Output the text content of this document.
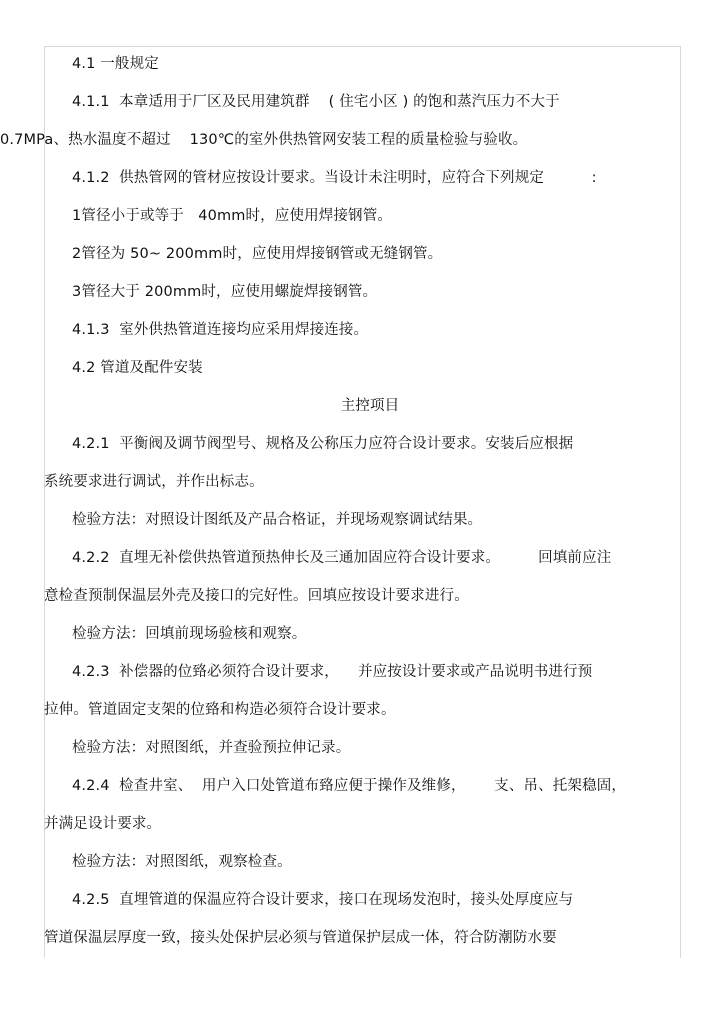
4.1 一般规定
4.1.1  本章适用于厂区及民用建筑群    ( 住宅小区 ) 的饱和蒸汽压力不大于
0.7MPa、热水温度不超过    130℃的室外供热管网安装工程的质量检验与验收。
4.1.2  供热管网的管材应按设计要求。当设计未注明时，应符合下列规定          :
1管径小于或等于   40mm时，应使用焊接钢管。
2管径为 50~ 200mm时，应使用焊接钢管或无缝钢管。
3管径大于 200mm时，应使用螺旋焊接钢管。
4.1.3  室外供热管道连接均应采用焊接连接。
4.2 管道及配件安装
主控项目
4.2.1  平衡阀及调节阀型号、规格及公称压力应符合设计要求。安装后应根据
系统要求进行调试，并作出标志。
检验方法：对照设计图纸及产品合格证，并现场观察调试结果。
4.2.2  直埋无补偿供热管道预热伸长及三通加固应符合设计要求。        回填前应注
意检查预制保温层外壳及接口的完好性。回填应按设计要求进行。
检验方法：回填前现场验核和观察。
4.2.3  补偿器的位臵必须符合设计要求，    并应按设计要求或产品说明书进行预
拉伸。管道固定支架的位臵和构造必须符合设计要求。
检验方法：对照图纸，并查验预拉伸记录。
4.2.4  检查井室、  用户入口处管道布臵应便于操作及维修，      支、吊、托架稳固，
并满足设计要求。
检验方法：对照图纸，观察检查。
4.2.5  直埋管道的保温应符合设计要求，接口在现场发泡时，接头处厚度应与
管道保温层厚度一致，接头处保护层必须与管道保护层成一体，符合防潮防水要
